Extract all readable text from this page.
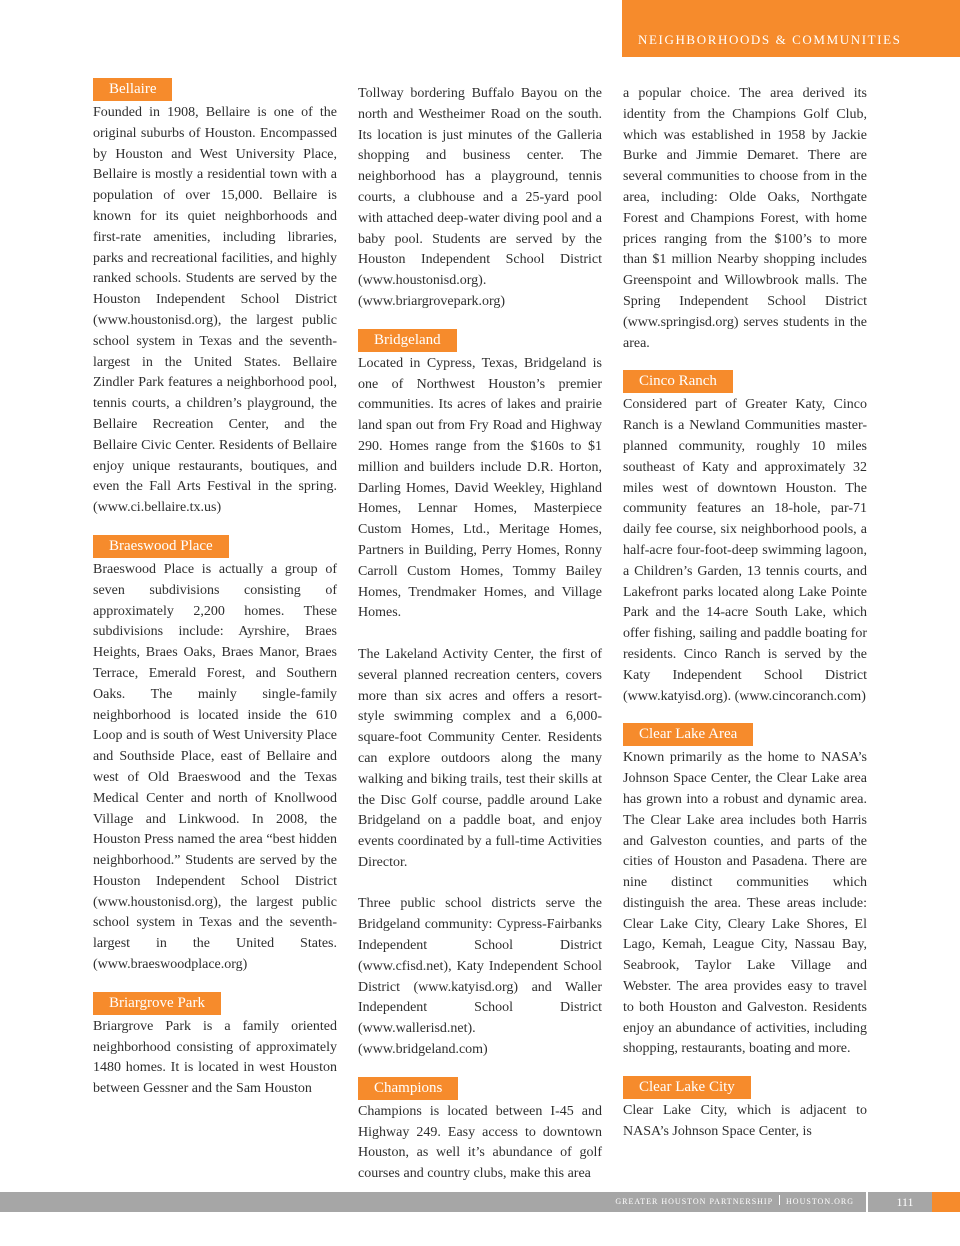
NEIGHBORHOODS & COMMUNITIES
Bellaire

Founded in 1908, Bellaire is one of the original suburbs of Houston. Encompassed by Houston and West University Place, Bellaire is mostly a residential town with a population of over 15,000. Bellaire is known for its quiet neighborhoods and first-rate amenities, including libraries, parks and recreational facilities, and highly ranked schools. Students are served by the Houston Independent School District (www.houstonisd.org), the largest public school system in Texas and the seventh-largest in the United States. Bellaire Zindler Park features a neighborhood pool, tennis courts, a children’s playground, the Bellaire Recreation Center, and the Bellaire Civic Center. Residents of Bellaire enjoy unique restaurants, boutiques, and even the Fall Arts Festival in the spring. (www.ci.bellaire.tx.us)

Braeswood Place

Braeswood Place is actually a group of seven subdivisions consisting of approximately 2,200 homes. These subdivisions include: Ayrshire, Braes Heights, Braes Oaks, Braes Manor, Braes Terrace, Emerald Forest, and Southern Oaks. The mainly single-family neighborhood is located inside the 610 Loop and is south of West University Place and Southside Place, east of Bellaire and west of Old Braeswood and the Texas Medical Center and north of Knollwood Village and Linkwood. In 2008, the Houston Press named the area “best hidden neighborhood.” Students are served by the Houston Independent School District (www.houstonisd.org), the largest public school system in Texas and the seventh-largest in the United States. (www.braeswoodplace.org)

Briargrove Park

Briargrove Park is a family oriented neighborhood consisting of approximately 1480 homes. It is located in west Houston between Gessner and the Sam Houston

Tollway bordering Buffalo Bayou on the north and Westheimer Road on the south. Its location is just minutes of the Galleria shopping and business center. The neighborhood has a playground, tennis courts, a clubhouse and a 25-yard pool with attached deep-water diving pool and a baby pool. Students are served by the Houston Independent School District (www.houstonisd.org). (www.briargrovepark.org)

Bridgeland

Located in Cypress, Texas, Bridgeland is one of Northwest Houston’s premier communities. Its acres of lakes and prairie land span out from Fry Road and Highway 290. Homes range from the $160s to $1 million and builders include D.R. Horton, Darling Homes, David Weekley, Highland Homes, Lennar Homes, Masterpiece Custom Homes, Ltd., Meritage Homes, Partners in Building, Perry Homes, Ronny Carroll Custom Homes, Tommy Bailey Homes, Trendmaker Homes, and Village Homes.

The Lakeland Activity Center, the first of several planned recreation centers, covers more than six acres and offers a resort-style swimming complex and a 6,000-square-foot Community Center. Residents can explore outdoors along the many walking and biking trails, test their skills at the Disc Golf course, paddle around Lake Bridgeland on a paddle boat, and enjoy events coordinated by a full-time Activities Director.

Three public school districts serve the Bridgeland community: Cypress-Fairbanks Independent School District (www.cfisd.net), Katy Independent School District (www.katyisd.org) and Waller Independent School District (www.wallerisd.net).(www.bridgeland.com)

Champions

Champions is located between I-45 and Highway 249. Easy access to downtown Houston, as well it’s abundance of golf courses and country clubs, make this area

a popular choice. The area derived its identity from the Champions Golf Club, which was established in 1958 by Jackie Burke and Jimmie Demaret. There are several communities to choose from in the area, including: Olde Oaks, Northgate Forest and Champions Forest, with home prices ranging from the $100’s to more than $1 million Nearby shopping includes Greenspoint and Willowbrook malls. The Spring Independent School District (www.springisd.org) serves students in the area.

Cinco Ranch

Considered part of Greater Katy, Cinco Ranch is a Newland Communities master-planned community, roughly 10 miles southeast of Katy and approximately 32 miles west of downtown Houston. The community features an 18-hole, par-71 daily fee course, six neighborhood pools, a half-acre four-foot-deep swimming lagoon, a Children’s Garden, 13 tennis courts, and Lakefront parks located along Lake Pointe Park and the 14-acre South Lake, which offer fishing, sailing and paddle boating for residents. Cinco Ranch is served by the Katy Independent School District (www.katyisd.org). (www.cincoranch.com)

Clear Lake Area

Known primarily as the home to NASA’s Johnson Space Center, the Clear Lake area has grown into a robust and dynamic area. The Clear Lake area includes both Harris and Galveston counties, and parts of the cities of Houston and Pasadena. There are nine distinct communities which distinguish the area. These areas include: Clear Lake City, Cleary Lake Shores, El Lago, Kemah, League City, Nassau Bay, Seabrook, Taylor Lake Village and Webster. The area provides easy to travel to both Houston and Galveston. Residents enjoy an abundance of activities, including shopping, restaurants, boating and more.

Clear Lake City

Clear Lake City, which is adjacent to NASA’s Johnson Space Center, is

GREATER HOUSTON PARTNERSHIP HOUSTON.ORG	111
